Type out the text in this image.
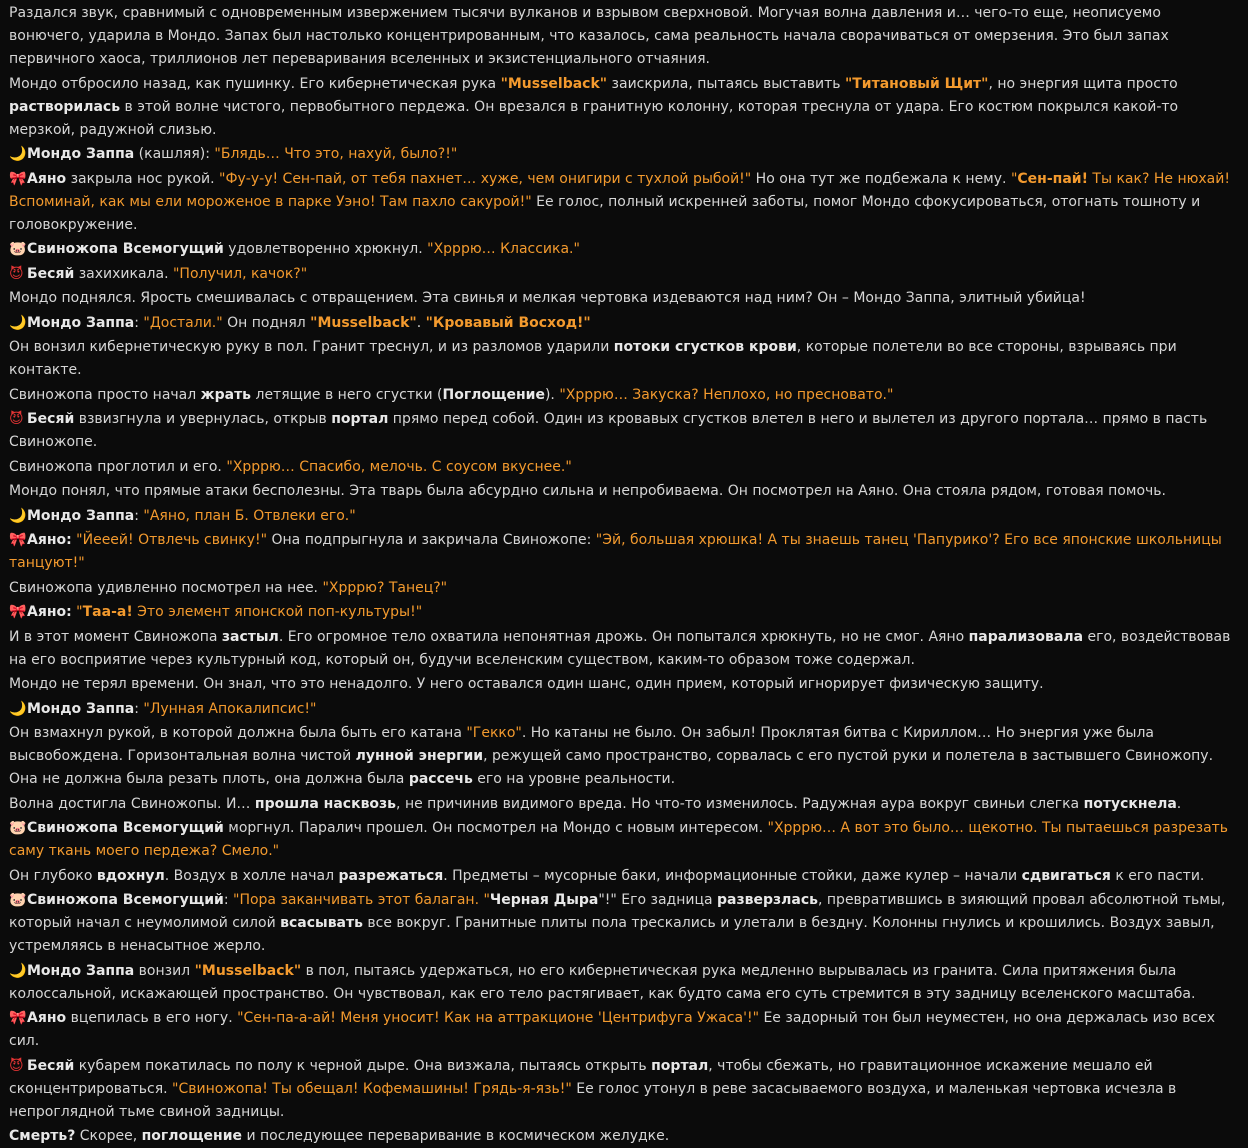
Раздался звук, сравнимый с одновременным извержением тысячи вулканов и взрывом сверхновой. Могучая волна давления и… чего-то еще, неописуемо вонючего, ударила в Мондо. Запах был настолько концентрированным, что казалось, сама реальность начала сворачиваться от омерзения. Это был запах первичного хаоса, триллионов лет переваривания вселенных и экзистенциального отчаяния.
Мондо отбросило назад, как пушинку. Его кибернетическая рука "Musselback" заискрила, пытаясь выставить "Титановый Щит", но энергия щита просто растворилась в этой волне чистого, первобытного пердежа. Он врезался в гранитную колонну, которая треснула от удара. Его костюм покрылся какой-то мерзкой, радужной слизью.
🌙Мондо Заппа (кашляя): "Блядь… Что это, нахуй, было?!"
🎀Аяно закрыла нос рукой. "Фу-у-у! Сен-пай, от тебя пахнет… хуже, чем онигири с тухлой рыбой!" Но она тут же подбежала к нему. "Сен-пай! Ты как? Не нюхай! Вспоминай, как мы ели мороженое в парке Уэно! Там пахло сакурой!" Ее голос, полный искренней заботы, помог Мондо сфокусироваться, отогнать тошноту и головокружение.
🐷Свиножопа Всемогущий удовлетворенно хрюкнул. "Хрррю… Классика."
😈 Бесяй захихикала. "Получил, качок?"
Мондо поднялся. Ярость смешивалась с отвращением. Эта свинья и мелкая чертовка издеваются над ним? Он – Мондо Заппа, элитный убийца!
🌙Мондо Заппа: "Достали." Он поднял "Musselback". "Кровавый Восход!"
Он вонзил кибернетическую руку в пол. Гранит треснул, и из разломов ударили потоки сгустков крови, которые полетели во все стороны, взрываясь при контакте.
Свиножопа просто начал жрать летящие в него сгустки (Поглощение). "Хрррю… Закуска? Неплохо, но пресновато."
😈 Бесяй взвизгнула и увернулась, открыв портал прямо перед собой. Один из кровавых сгустков влетел в него и вылетел из другого портала… прямо в пасть Свиножопе.
Свиножопа проглотил и его. "Хрррю… Спасибо, мелочь. С соусом вкуснее."
Мондо понял, что прямые атаки бесполезны. Эта тварь была абсурдно сильна и непробиваема. Он посмотрел на Аяно. Она стояла рядом, готовая помочь.
🌙Мондо Заппа: "Аяно, план Б. Отвлеки его."
🎀Аяно: "Йееей! Отвлечь свинку!" Она подпрыгнула и закричала Свиножопе: "Эй, большая хрюшка! А ты знаешь танец 'Папурико'? Его все японские школьницы танцуют!"
Свиножопа удивленно посмотрел на нее. "Хрррю? Танец?"
🎀Аяно: "Таа-а! Это элемент японской поп-культуры!"
И в этот момент Свиножопа застыл. Его огромное тело охватила непонятная дрожь. Он попытался хрюкнуть, но не смог. Аяно парализовала его, воздействовав на его восприятие через культурный код, который он, будучи вселенским существом, каким-то образом тоже содержал.
Мондо не терял времени. Он знал, что это ненадолго. У него оставался один шанс, один прием, который игнорирует физическую защиту.
🌙Мондо Заппа: "Лунная Апокалипсис!"
Он взмахнул рукой, в которой должна была быть его катана "Гекко". Но катаны не было. Он забыл! Проклятая битва с Кириллом… Но энергия уже была высвобождена. Горизонтальная волна чистой лунной энергии, режущей само пространство, сорвалась с его пустой руки и полетела в застывшего Свиножопу. Она не должна была резать плоть, она должна была рассечь его на уровне реальности.
Волна достигла Свиножопы. И… прошла насквозь, не причинив видимого вреда. Но что-то изменилось. Радужная аура вокруг свиньи слегка потускнела.
🐷Свиножопа Всемогущий моргнул. Паралич прошел. Он посмотрел на Мондо с новым интересом. "Хрррю… А вот это было… щекотно. Ты пытаешься разрезать саму ткань моего пердежа? Смело."
Он глубоко вдохнул. Воздух в холле начал разрежаться. Предметы – мусорные баки, информационные стойки, даже кулер – начали сдвигаться к его пасти.
🐷Свиножопа Всемогущий: "Пора заканчивать этот балаган. "Черная Дыра"!" Его задница разверзлась, превратившись в зияющий провал абсолютной тьмы, который начал с неумолимой силой всасывать все вокруг. Гранитные плиты пола трескались и улетали в бездну. Колонны гнулись и крошились. Воздух завыл, устремляясь в ненасытное жерло.
🌙Мондо Заппа вонзил "Musselback" в пол, пытаясь удержаться, но его кибернетическая рука медленно вырывалась из гранита. Сила притяжения была колоссальной, искажающей пространство. Он чувствовал, как его тело растягивает, как будто сама его суть стремится в эту задницу вселенского масштаба.
🎀Аяно вцепилась в его ногу. "Сен-па-а-ай! Меня уносит! Как на аттракционе 'Центрифуга Ужаса'!" Ее задорный тон был неуместен, но она держалась изо всех сил.
😈 Бесяй кубарем покатилась по полу к черной дыре. Она визжала, пытаясь открыть портал, чтобы сбежать, но гравитационное искажение мешало ей сконцентрироваться. "Свиножопа! Ты обещал! Кофемашины! Грядь-я-язь!" Ее голос утонул в реве засасываемого воздуха, и маленькая чертовка исчезла в непроглядной тьме свиной задницы.
Смерть? Скорее, поглощение и последующее переваривание в космическом желудке.
